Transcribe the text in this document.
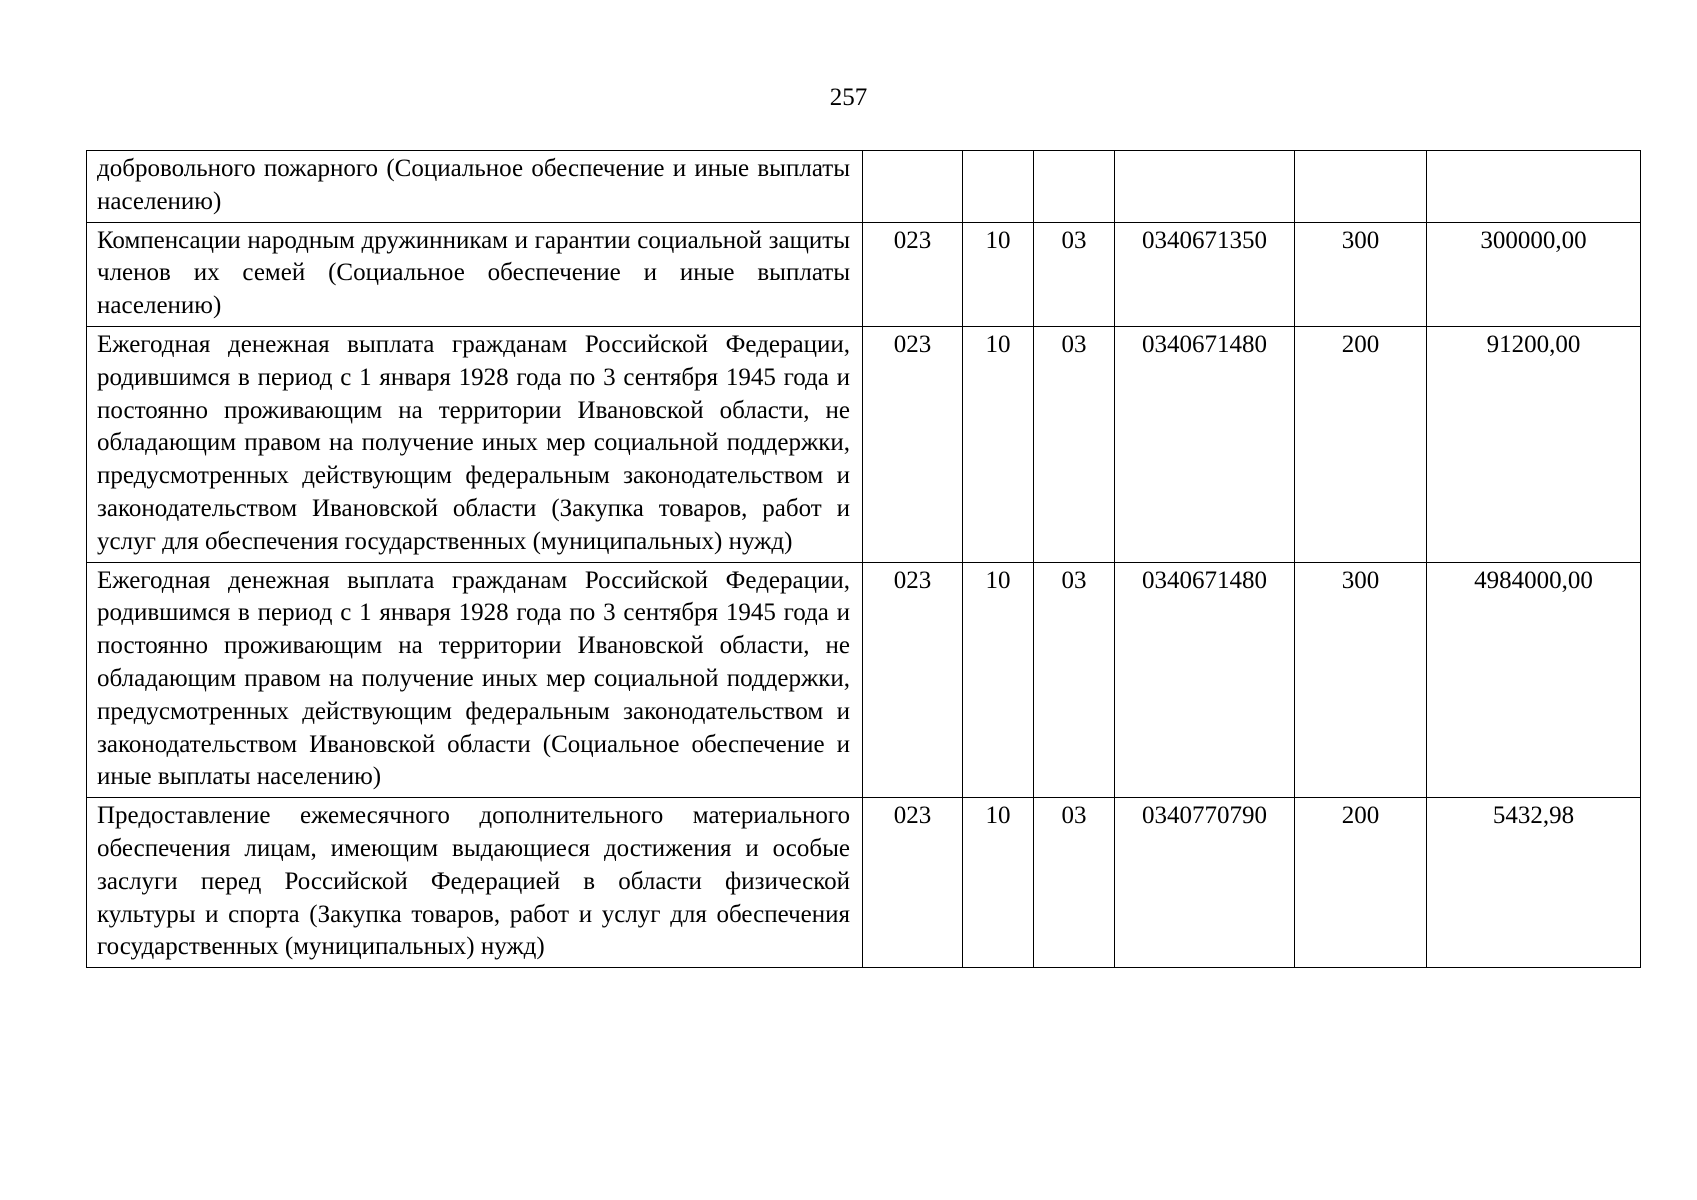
257
добровольного пожарного (Социальное обеспечение и иные выплаты населению)						
Компенсации народным дружинникам и гарантии социальной защиты членов их семей (Социальное обеспечение и иные выплаты населению)	023	10	03	0340671350	300	300000,00
Ежегодная денежная выплата гражданам Российской Федерации, родившимся в период с 1 января 1928 года по 3 сентября 1945 года и постоянно проживающим на территории Ивановской области, не обладающим правом на получение иных мер социальной поддержки, предусмотренных действующим федеральным законодательством и законодательством Ивановской области (Закупка товаров, работ и услуг для обеспечения государственных (муниципальных) нужд)	023	10	03	0340671480	200	91200,00
Ежегодная денежная выплата гражданам Российской Федерации, родившимся в период с 1 января 1928 года по 3 сентября 1945 года и постоянно проживающим на территории Ивановской области, не обладающим правом на получение иных мер социальной поддержки, предусмотренных действующим федеральным законодательством и законодательством Ивановской области (Социальное обеспечение и иные выплаты населению)	023	10	03	0340671480	300	4984000,00
Предоставление ежемесячного дополнительного материального обеспечения лицам, имеющим выдающиеся достижения и особые заслуги перед Российской Федерацией в области физической культуры и спорта (Закупка товаров, работ и услуг для обеспечения государственных (муниципальных) нужд)	023	10	03	0340770790	200	5432,98
